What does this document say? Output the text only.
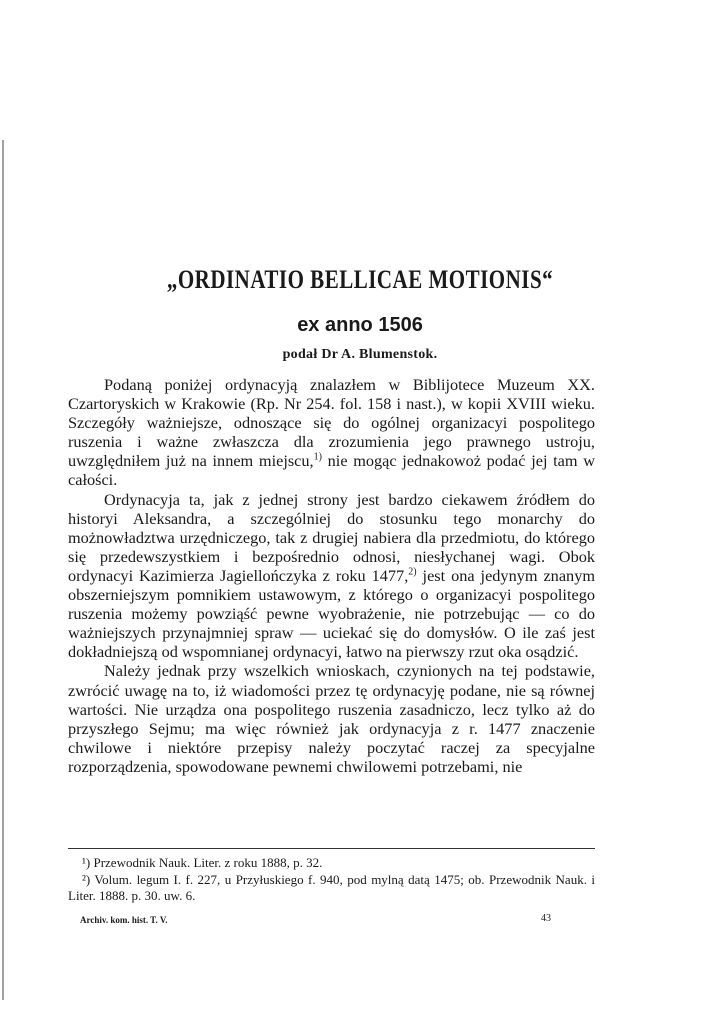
„ORDINATIO BELLICAE MOTIONIS“
ex anno 1506
podał Dr A. Blumenstok.

Podaną poniżej ordynacyją znalazłem w Biblijotece Muzeum XX. Czartoryskich w Krakowie (Rp. Nr 254. fol. 158 i nast.), w kopii XVIII wieku. Szczegóły ważniejsze, odnoszące się do ogólnej organizacyi pospolitego ruszenia i ważne zwłaszcza dla zrozumienia jego prawnego ustroju, uwzględniłem już na innem miejscu,$^{1)}$ nie mogąc jednakowoż podać jej tam w całości.

Ordynacyja ta, jak z jednej strony jest bardzo ciekawem źródłem do historyi Aleksandra, a szczególniej do stosunku tego monarchy do możnowładztwa urzędniczego, tak z drugiej nabiera dla przedmiotu, do którego się przedewszystkiem i bezpośrednio odnosi, niesłychanej wagi. Obok ordynacyi Kazimierza Jagiellończyka z roku 1477,$^{2)}$ jest ona jedynym znanym obszerniejszym pomnikiem ustawowym, z którego o organizacyi pospolitego ruszenia możemy powziąść pewne wyobrażenie, nie potrzebując — co do ważniejszych przynajmniej spraw — uciekać się do domysłów. O ile zaś jest dokładniejszą od wspomnianej ordynacyi, łatwo na pierwszy rzut oka osądzić.

Należy jednak przy wszelkich wnioskach, czynionych na tej podstawie, zwrócić uwagę na to, iż wiadomości przez tę ordynacyję podane, nie są równej wartości. Nie urządza ona pospolitego ruszenia zasadniczo, lecz tylko aż do przyszłego Sejmu; ma więc również jak ordynacyja z r. 1477 znaczenie chwilowe i niektóre przepisy należy poczytać raczej za specyjalne rozporządzenia, spowodowane pewnemi chwilowemi potrzebami, nie

¹) Przewodnik Nauk. Liter. z roku 1888, p. 32.

²) Volum. legum I. f. 227, u Przyłuskiego f. 940, pod mylną datą 1475; ob. Przewodnik Nauk. i Liter. 1888. p. 30. uw. 6.

Archiv. kom. hist. T. V.	43
